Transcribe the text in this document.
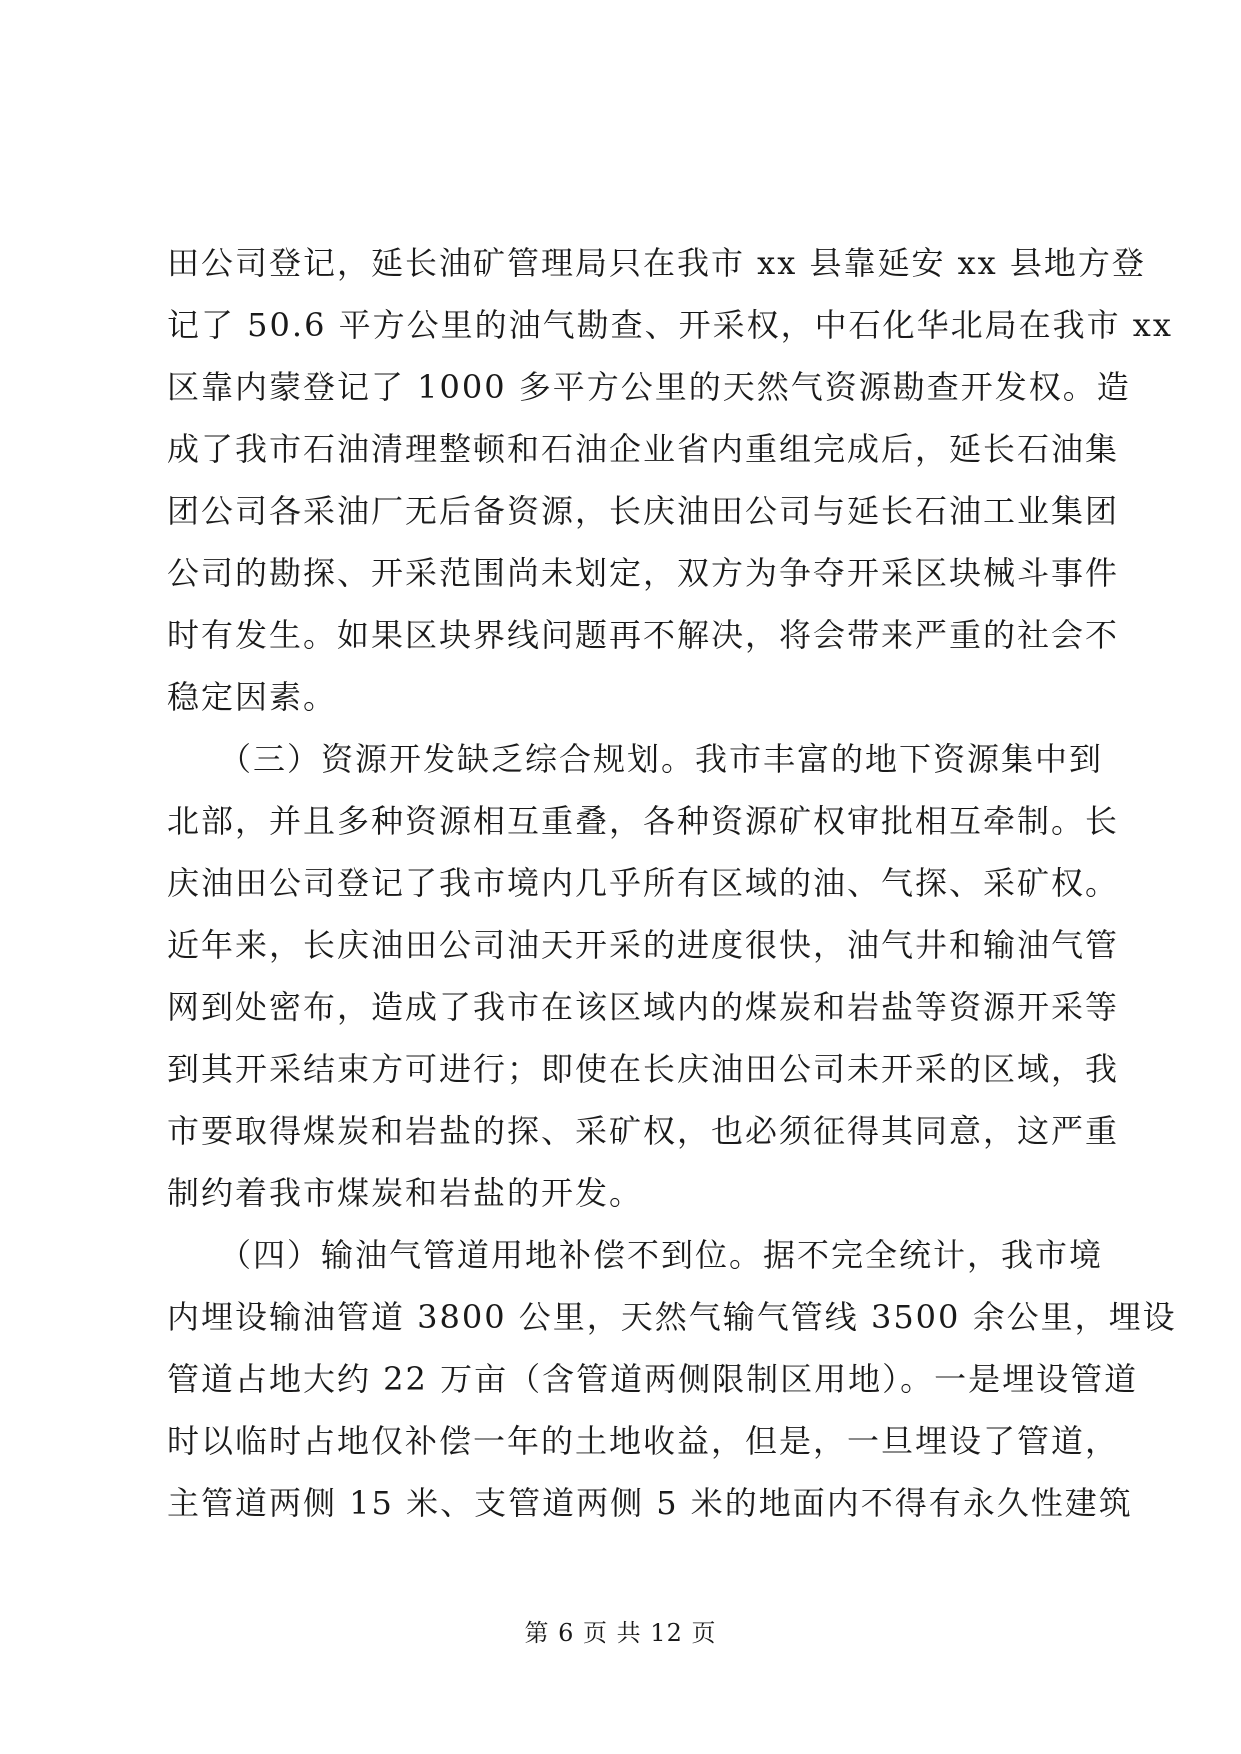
田公司登记，延长油矿管理局只在我市 xx 县靠延安 xx 县地方登
记了 50.6 平方公里的油气勘查、开采权，中石化华北局在我市 xx
区靠内蒙登记了 1000 多平方公里的天然气资源勘查开发权。造
成了我市石油清理整顿和石油企业省内重组完成后，延长石油集
团公司各采油厂无后备资源，长庆油田公司与延长石油工业集团
公司的勘探、开采范围尚未划定，双方为争夺开采区块械斗事件
时有发生。如果区块界线问题再不解决，将会带来严重的社会不
稳定因素。
　　（三）资源开发缺乏综合规划。我市丰富的地下资源集中到
北部，并且多种资源相互重叠，各种资源矿权审批相互牵制。长
庆油田公司登记了我市境内几乎所有区域的油、气探、采矿权。
近年来，长庆油田公司油天开采的进度很快，油气井和输油气管
网到处密布，造成了我市在该区域内的煤炭和岩盐等资源开采等
到其开采结束方可进行；即使在长庆油田公司未开采的区域，我
市要取得煤炭和岩盐的探、采矿权，也必须征得其同意，这严重
制约着我市煤炭和岩盐的开发。
　　（四）输油气管道用地补偿不到位。据不完全统计，我市境
内埋设输油管道 3800 公里，天然气输气管线 3500 余公里，埋设
管道占地大约 22 万亩（含管道两侧限制区用地）。一是埋设管道
时以临时占地仅补偿一年的土地收益，但是，一旦埋设了管道，
主管道两侧 15 米、支管道两侧 5 米的地面内不得有永久性建筑
第 6 页 共 12 页
